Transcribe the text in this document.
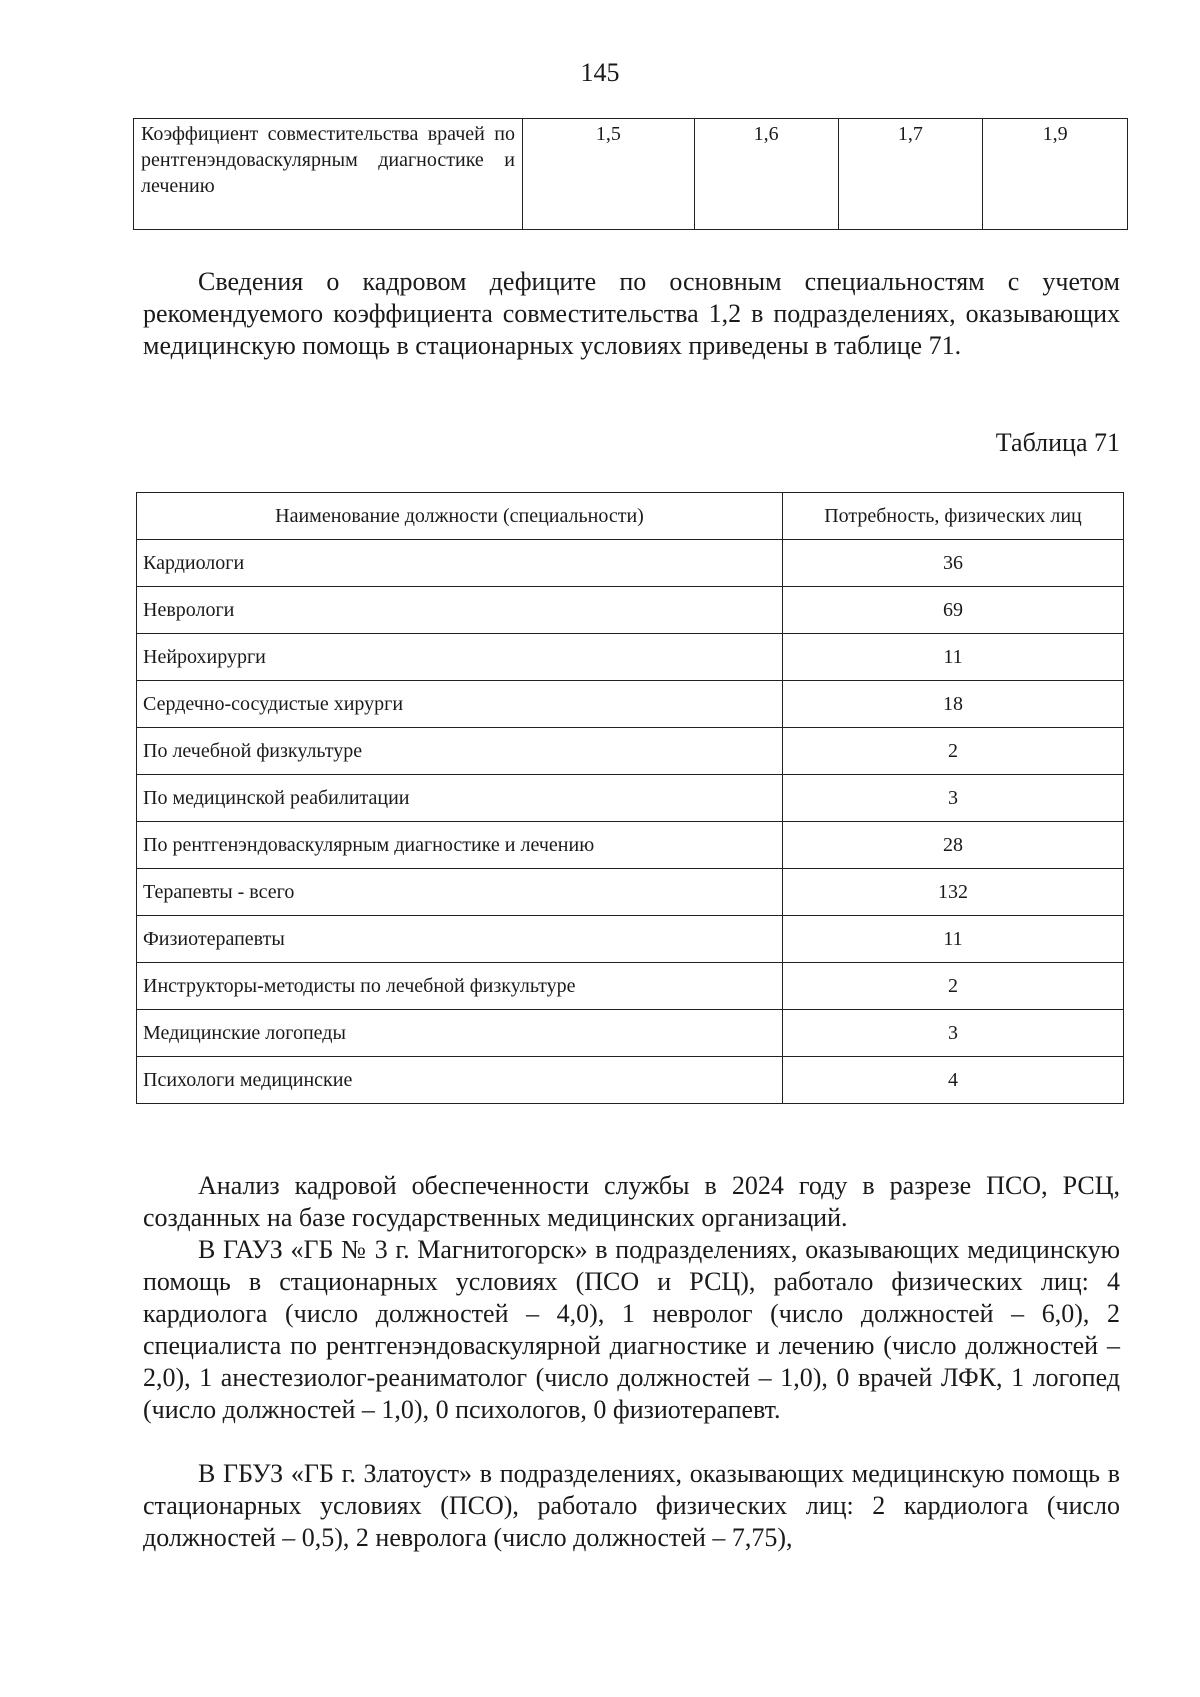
145
Коэффициент совместительства врачей по рентгенэндоваскулярным диагностике и лечению	1,5	1,6	1,7	1,9

Сведения о кадровом дефиците по основным специальностям с учетом рекомендуемого коэффициента совместительства 1,2 в подразделениях, оказывающих медицинскую помощь в стационарных условиях приведены в таблице 71.

Таблица 71
Наименование должности (специальности)	Потребность, физических лиц
Кардиологи	36
Неврологи	69
Нейрохирурги	11
Сердечно-сосудистые хирурги	18
По лечебной физкультуре	2
По медицинской реабилитации	3
По рентгенэндоваскулярным диагностике и лечению	28
Терапевты - всего	132
Физиотерапевты	11
Инструкторы-методисты по лечебной физкультуре	2
Медицинские логопеды	3
Психологи медицинские	4

Анализ кадровой обеспеченности службы в 2024 году в разрезе ПСО, РСЦ, созданных на базе государственных медицинских организаций.

В ГАУЗ «ГБ № 3 г. Магнитогорск» в подразделениях, оказывающих медицинскую помощь в стационарных условиях (ПСО и РСЦ), работало физических лиц: 4 кардиолога (число должностей – 4,0), 1 невролог (число должностей – 6,0), 2 специалиста по рентгенэндоваскулярной диагностике и лечению (число должностей – 2,0), 1 анестезиолог-реаниматолог (число должностей – 1,0), 0 врачей ЛФК, 1 логопед (число должностей – 1,0), 0 психологов, 0 физиотерапевт.

В ГБУЗ «ГБ г. Златоуст» в подразделениях, оказывающих медицинскую помощь в стационарных условиях (ПСО), работало физических лиц: 2 кардиолога (число должностей – 0,5), 2 невролога (число должностей – 7,75),
